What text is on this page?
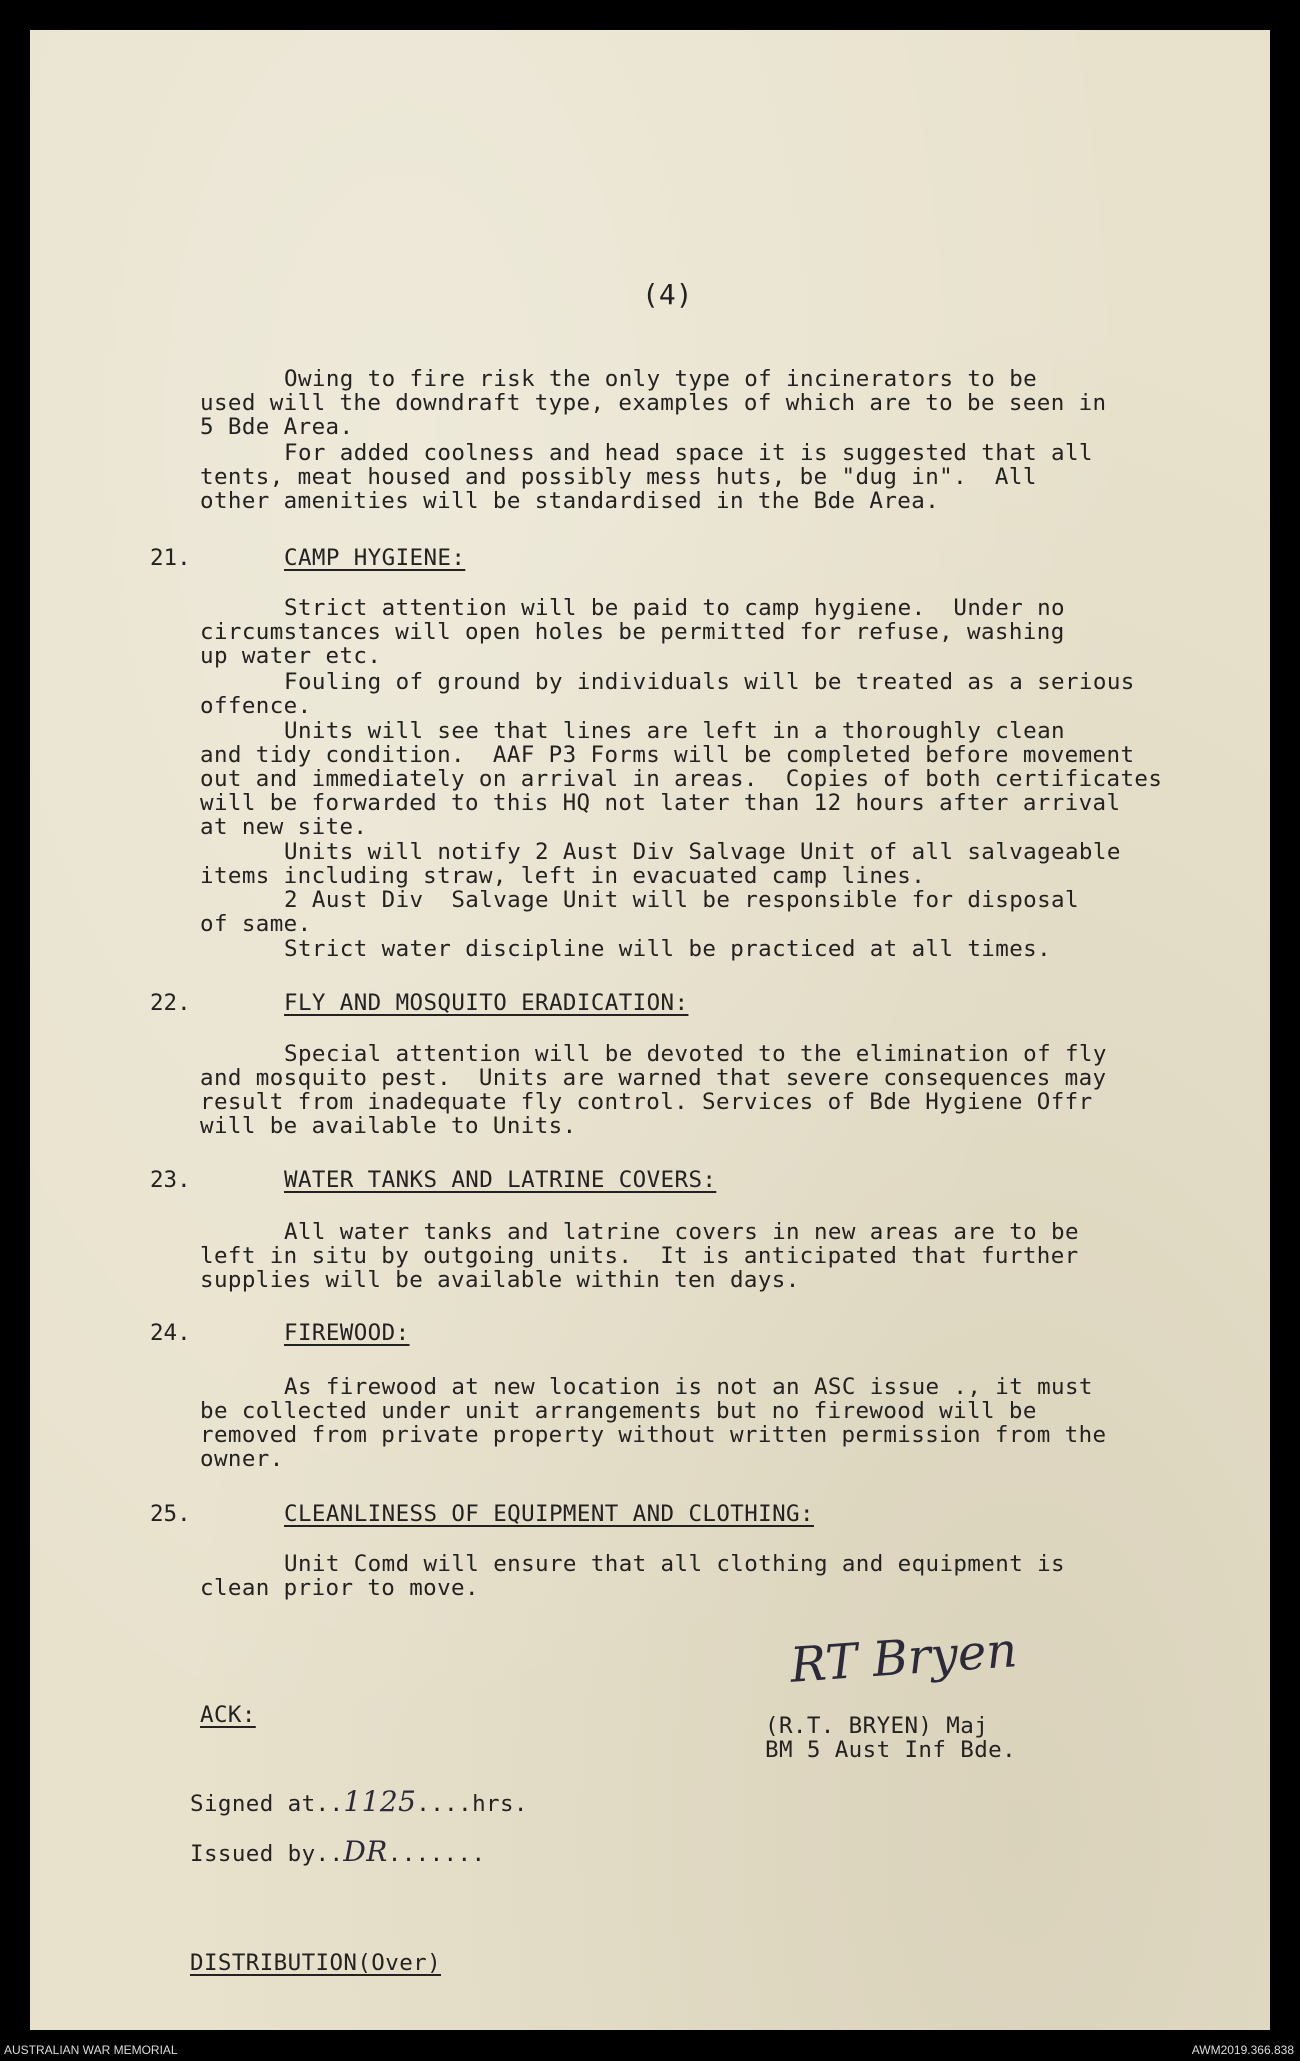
(4)
Owing to fire risk the only type of incinerators to be
used will the downdraft type, examples of which are to be seen in
5 Bde Area.
For added coolness and head space it is suggested that all
tents, meat housed and possibly mess huts, be "dug in".  All
other amenities will be standardised in the Bde Area.
21.	CAMP HYGIENE:
Strict attention will be paid to camp hygiene.  Under no
circumstances will open holes be permitted for refuse, washing
up water etc.
Fouling of ground by individuals will be treated as a serious
offence.
Units will see that lines are left in a thoroughly clean
and tidy condition.  AAF P3 Forms will be completed before movement
out and immediately on arrival in areas.  Copies of both certificates
will be forwarded to this HQ not later than 12 hours after arrival
at new site.
Units will notify 2 Aust Div Salvage Unit of all salvageable
items including straw, left in evacuated camp lines.
2 Aust Div  Salvage Unit will be responsible for disposal
of same.
Strict water discipline will be practiced at all times.
22.	FLY AND MOSQUITO ERADICATION:
Special attention will be devoted to the elimination of fly
and mosquito pest.  Units are warned that severe consequences may
result from inadequate fly control. Services of Bde Hygiene Offr
will be available to Units.
23.	WATER TANKS AND LATRINE COVERS:
All water tanks and latrine covers in new areas are to be
left in situ by outgoing units.  It is anticipated that further
supplies will be available within ten days.
24.	FIREWOOD:
As firewood at new location is not an ASC issue ., it must
be collected under unit arrangements but no firewood will be
removed from private property without written permission from the
owner.
25.	CLEANLINESS OF EQUIPMENT AND CLOTHING:
Unit Comd will ensure that all clothing and equipment is
clean prior to move.
RT Bryen
(R.T. BRYEN) Maj
BM 5 Aust Inf Bde.
ACK:
Signed at..1125....hrs.
Issued by..DR.......
DISTRIBUTION(Over)
AUSTRALIAN WAR MEMORIAL	AWM2019.366.838
